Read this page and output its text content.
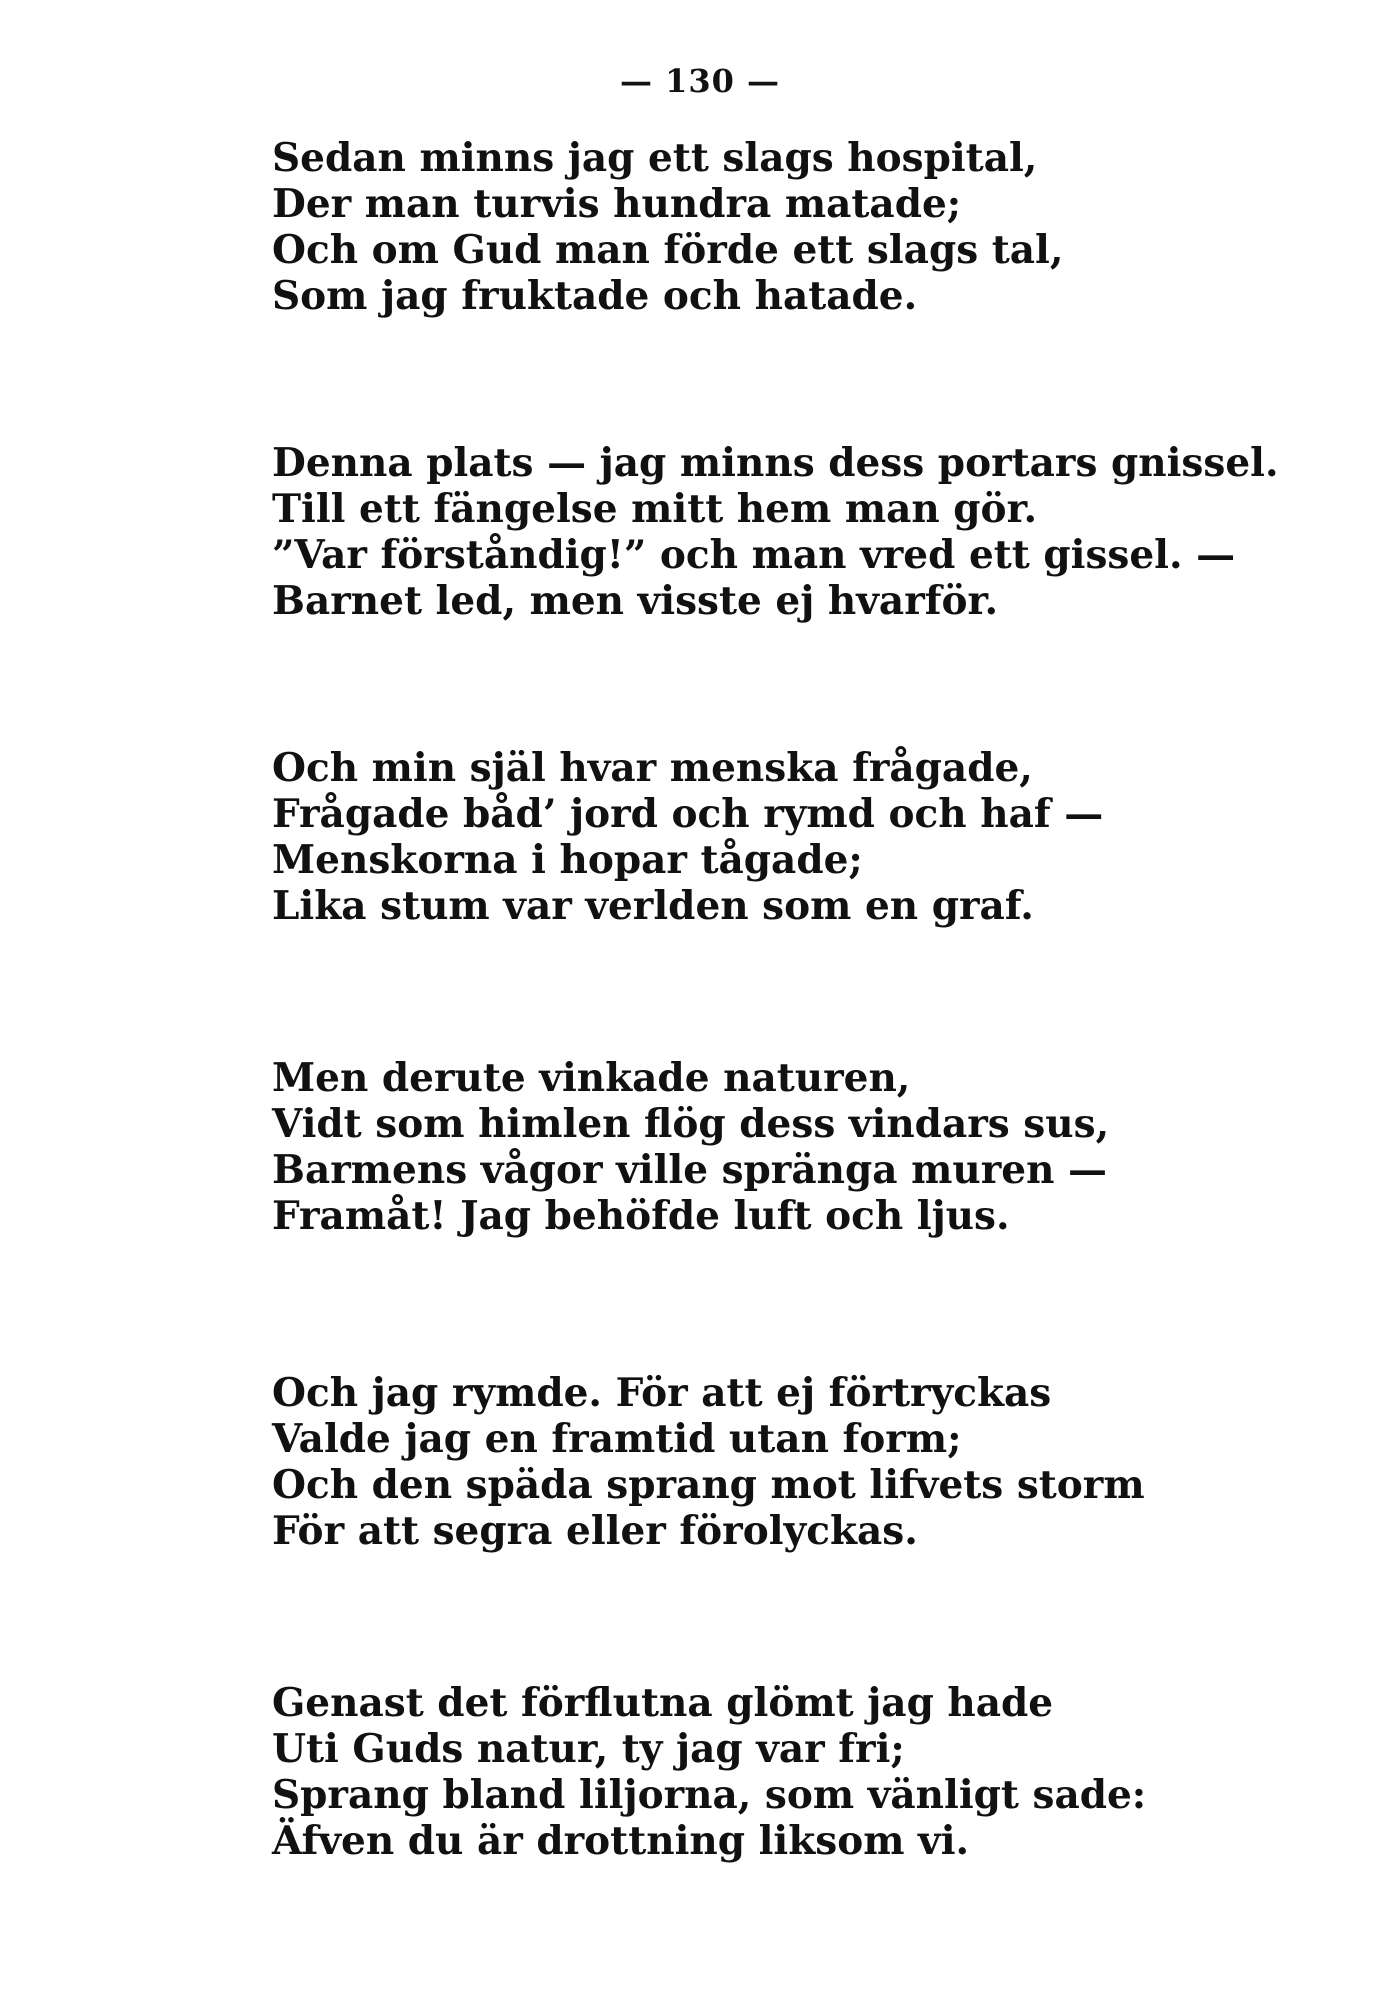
— 130 —
Sedan minns jag ett slags hospital,
Der man turvis hundra matade;
Och om Gud man förde ett slags tal,
Som jag fruktade och hatade.
Denna plats — jag minns dess portars gnissel.
Till ett fängelse mitt hem man gör.
”Var förståndig!” och man vred ett gissel. —
Barnet led, men visste ej hvarför.
Och min själ hvar menska frågade,
Frågade båd’ jord och rymd och haf —
Menskorna i hopar tågade;
Lika stum var verlden som en graf.
Men derute vinkade naturen,
Vidt som himlen flög dess vindars sus,
Barmens vågor ville spränga muren —
Framåt! Jag behöfde luft och ljus.
Och jag rymde. För att ej förtryckas
Valde jag en framtid utan form;
Och den späda sprang mot lifvets storm
För att segra eller förolyckas.
Genast det förflutna glömt jag hade
Uti Guds natur, ty jag var fri;
Sprang bland liljorna, som vänligt sade:
Äfven du är drottning liksom vi.
